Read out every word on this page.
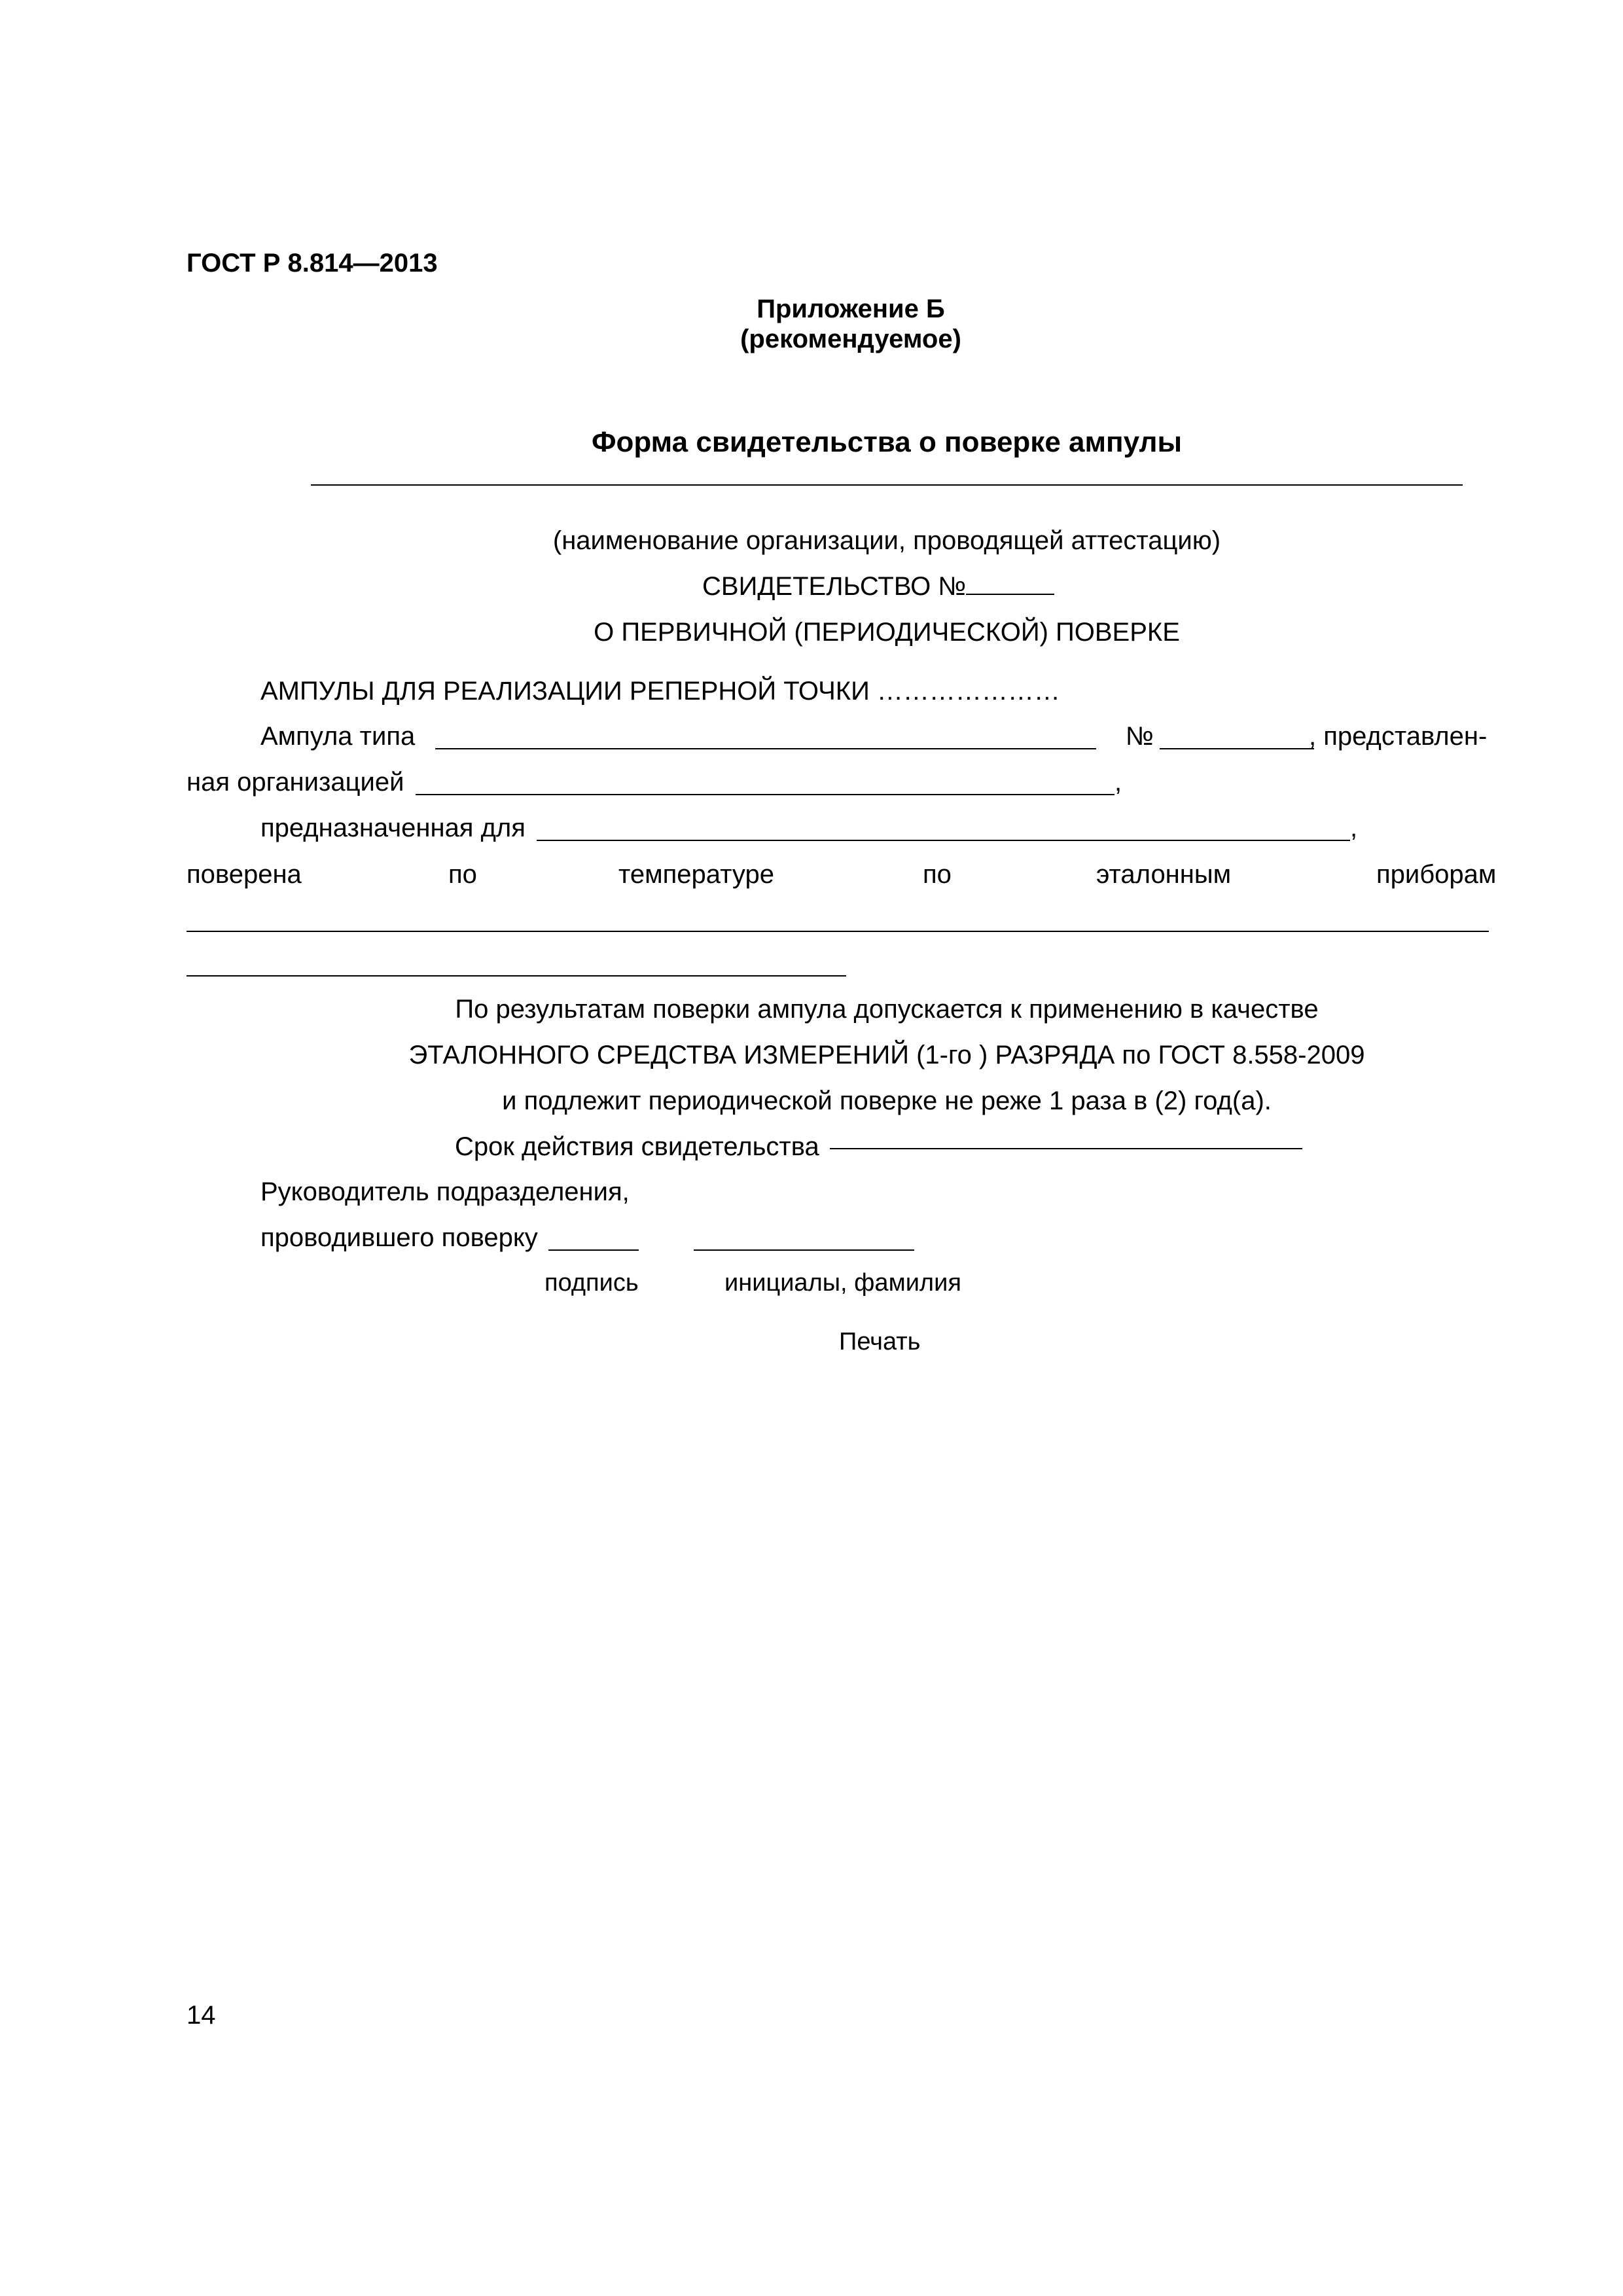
ГОСТ Р 8.814—2013
Приложение Б
(рекомендуемое)
Форма свидетельства о поверке ампулы
(наименование организации, проводящей аттестацию)
СВИДЕТЕЛЬСТВО №
О ПЕРВИЧНОЙ (ПЕРИОДИЧЕСКОЙ) ПОВЕРКЕ
АМПУЛЫ ДЛЯ РЕАЛИЗАЦИИ РЕПЕРНОЙ ТОЧКИ …………………
Ампула типа	№	, представлен-
ная организацией	,
предназначенная для	,
поверена	по	температуре	по	эталонным	приборам
По результатам поверки ампула допускается к применению в качестве
ЭТАЛОННОГО СРЕДСТВА ИЗМЕРЕНИЙ (1-го ) РАЗРЯДА по ГОСТ 8.558-2009
и подлежит периодической поверке не реже 1 раза в (2) год(а).
Срок действия свидетельства
Руководитель подразделения,
проводившего поверку
подпись	инициалы, фамилия
Печать
14
